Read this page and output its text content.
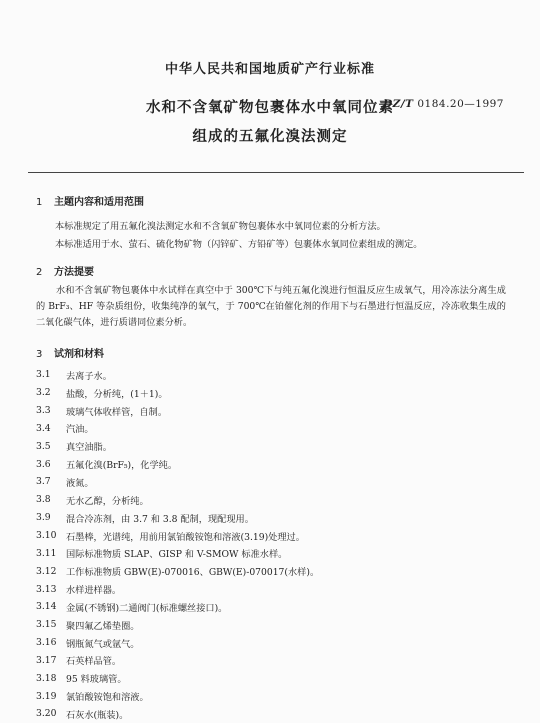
中华人民共和国地质矿产行业标准
水和不含氧矿物包裹体水中氧同位素
组成的五氟化溴法测定
DZ/T 0184.20—1997
1 主题内容和适用范围
本标准规定了用五氟化溴法测定水和不含氧矿物包裹体水中氧同位素的分析方法。
本标准适用于水、萤石、硫化物矿物（闪锌矿、方铅矿等）包裹体水氧同位素组成的测定。
2 方法提要
水和不含氧矿物包裹体中水试样在真空中于 300℃下与纯五氟化溴进行恒温反应生成氧气，用冷冻法分离生成的 BrF₃、HF 等杂质组份，收集纯净的氧气，于 700℃在铂催化剂的作用下与石墨进行恒温反应，冷冻收集生成的二氧化碳气体，进行质谱同位素分析。
3 试剂和材料
3.1	去离子水。
3.2	盐酸，分析纯，(1＋1)。
3.3	玻璃气体收样管，自制。
3.4	汽油。
3.5	真空油脂。
3.6	五氟化溴(BrF₅)，化学纯。
3.7	液氮。
3.8	无水乙醇，分析纯。
3.9	混合冷冻剂，由 3.7 和 3.8 配制，现配现用。
3.10	石墨棒，光谱纯，用前用氯铂酸铵饱和溶液(3.19)处理过。
3.11	国际标准物质 SLAP、GISP 和 V-SMOW 标准水样。
3.12	工作标准物质 GBW(E)-070016、GBW(E)-070017(水样)。
3.13	水样进样器。
3.14	金属(不锈钢)二通阀门(标准螺丝接口)。
3.15	聚四氟乙烯垫圈。
3.16	钢瓶氮气或氩气。
3.17	石英样品管。
3.18	95 料玻璃管。
3.19	氯铂酸铵饱和溶液。
3.20	石灰水(瓶装)。
